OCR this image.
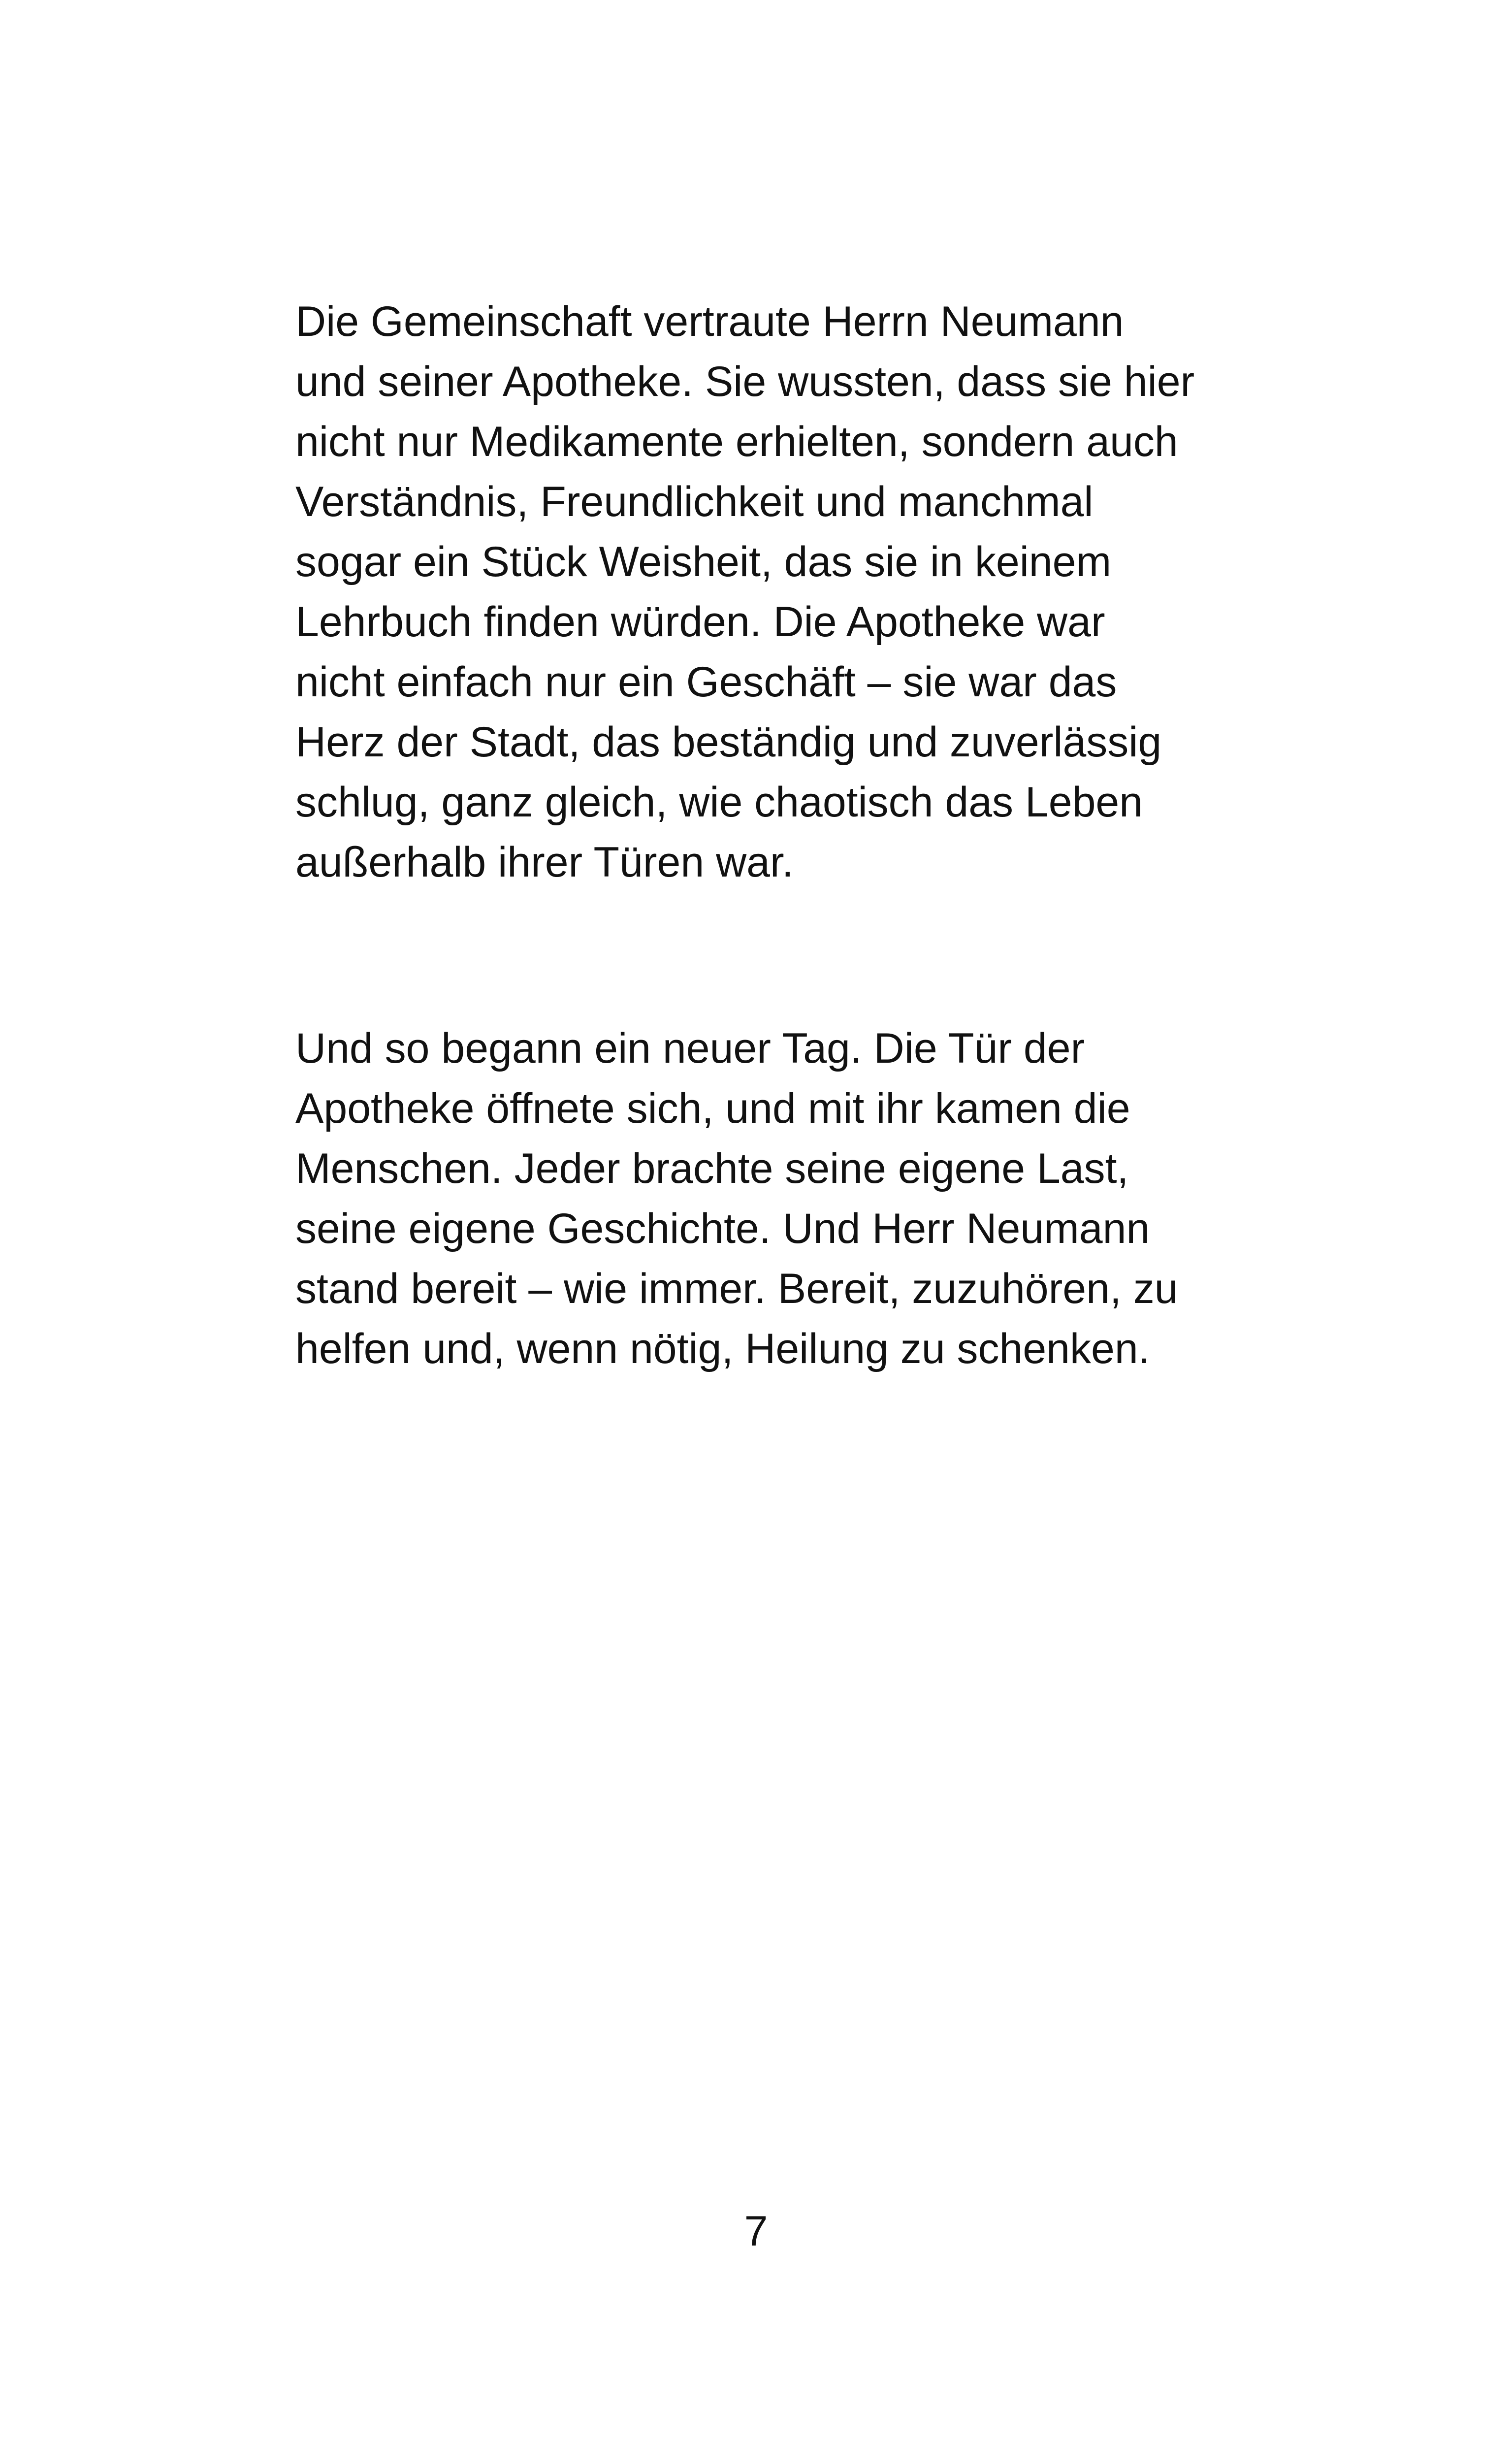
Die Gemeinschaft vertraute Herrn Neumann
und seiner Apotheke. Sie wussten, dass sie hier
nicht nur Medikamente erhielten, sondern auch
Verständnis, Freundlichkeit und manchmal
sogar ein Stück Weisheit, das sie in keinem
Lehrbuch finden würden. Die Apotheke war
nicht einfach nur ein Geschäft – sie war das
Herz der Stadt, das beständig und zuverlässig
schlug, ganz gleich, wie chaotisch das Leben
außerhalb ihrer Türen war.
Und so begann ein neuer Tag. Die Tür der
Apotheke öffnete sich, und mit ihr kamen die
Menschen. Jeder brachte seine eigene Last,
seine eigene Geschichte. Und Herr Neumann
stand bereit – wie immer. Bereit, zuzuhören, zu
helfen und, wenn nötig, Heilung zu schenken.
7
